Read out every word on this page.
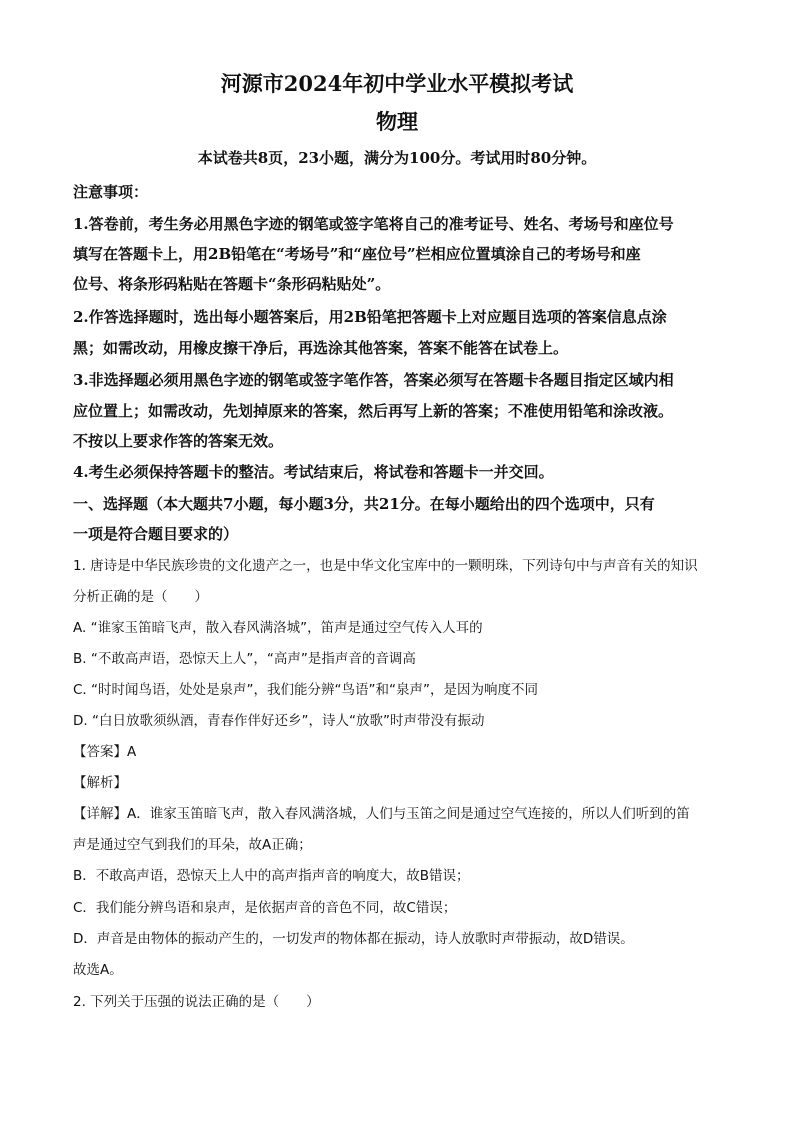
河源市2024年初中学业水平模拟考试
物理
本试卷共8页，23小题，满分为100分。考试用时80分钟。
注意事项：
1.答卷前，考生务必用黑色字迹的钢笔或签字笔将自己的准考证号、姓名、考场号和座位号
填写在答题卡上，用2B铅笔在“考场号”和“座位号”栏相应位置填涂自己的考场号和座
位号、将条形码粘贴在答题卡“条形码粘贴处”。
2.作答选择题时，选出每小题答案后，用2B铅笔把答题卡上对应题目选项的答案信息点涂
黑；如需改动，用橡皮擦干净后，再选涂其他答案，答案不能答在试卷上。
3.非选择题必须用黑色字迹的钢笔或签字笔作答，答案必须写在答题卡各题目指定区域内相
应位置上；如需改动，先划掉原来的答案，然后再写上新的答案；不准使用铅笔和涂改液。
不按以上要求作答的答案无效。
4.考生必须保持答题卡的整洁。考试结束后，将试卷和答题卡一并交回。
一、选择题（本大题共7小题，每小题3分，共21分。在每小题给出的四个选项中，只有
一项是符合题目要求的）
1. 唐诗是中华民族珍贵的文化遗产之一，也是中华文化宝库中的一颗明珠，下列诗句中与声音有关的知识
分析正确的是（　　）
A. “谁家玉笛暗飞声，散入春风满洛城”，笛声是通过空气传入人耳的
B. “不敢高声语，恐惊天上人”，“高声”是指声音的音调高
C. “时时闻鸟语，处处是泉声”，我们能分辨“鸟语”和“泉声”，是因为响度不同
D. “白日放歌须纵酒，青春作伴好还乡”，诗人“放歌”时声带没有振动
【答案】A
【解析】
【详解】A．谁家玉笛暗飞声，散入春风满洛城，人们与玉笛之间是通过空气连接的，所以人们听到的笛
声是通过空气到我们的耳朵，故A正确；
B．不敢高声语，恐惊天上人中的高声指声音的响度大，故B错误；
C．我们能分辨鸟语和泉声，是依据声音的音色不同，故C错误；
D．声音是由物体的振动产生的，一切发声的物体都在振动，诗人放歌时声带振动，故D错误。
故选A。
2. 下列关于压强的说法正确的是（　　）
